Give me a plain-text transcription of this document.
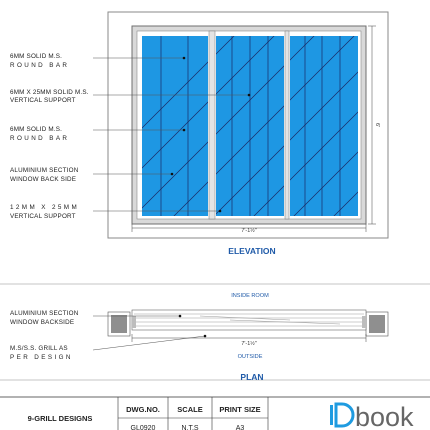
7'-1½"
6'
6MM SOLID M.S.
ROUND BAR
6MM X 25MM SOLID M.S.
VERTICAL SUPPORT
6MM SOLID M.S.
ROUND BAR
ALUMINIUM SECTION
WINDOW BACK SIDE
12MM X 25MM
VERTICAL SUPPORT
ELEVATION
INSIDE ROOM
7'-1½"
ALUMINIUM SECTION
WINDOW BACKSIDE
M.S/S.S. GRILL AS
PER DESIGN	OUTSIDE
PLAN
9-GRILL DESIGNS
DWG.NO. SCALE PRINT SIZE
GL0920	N.T.S	A3	book
